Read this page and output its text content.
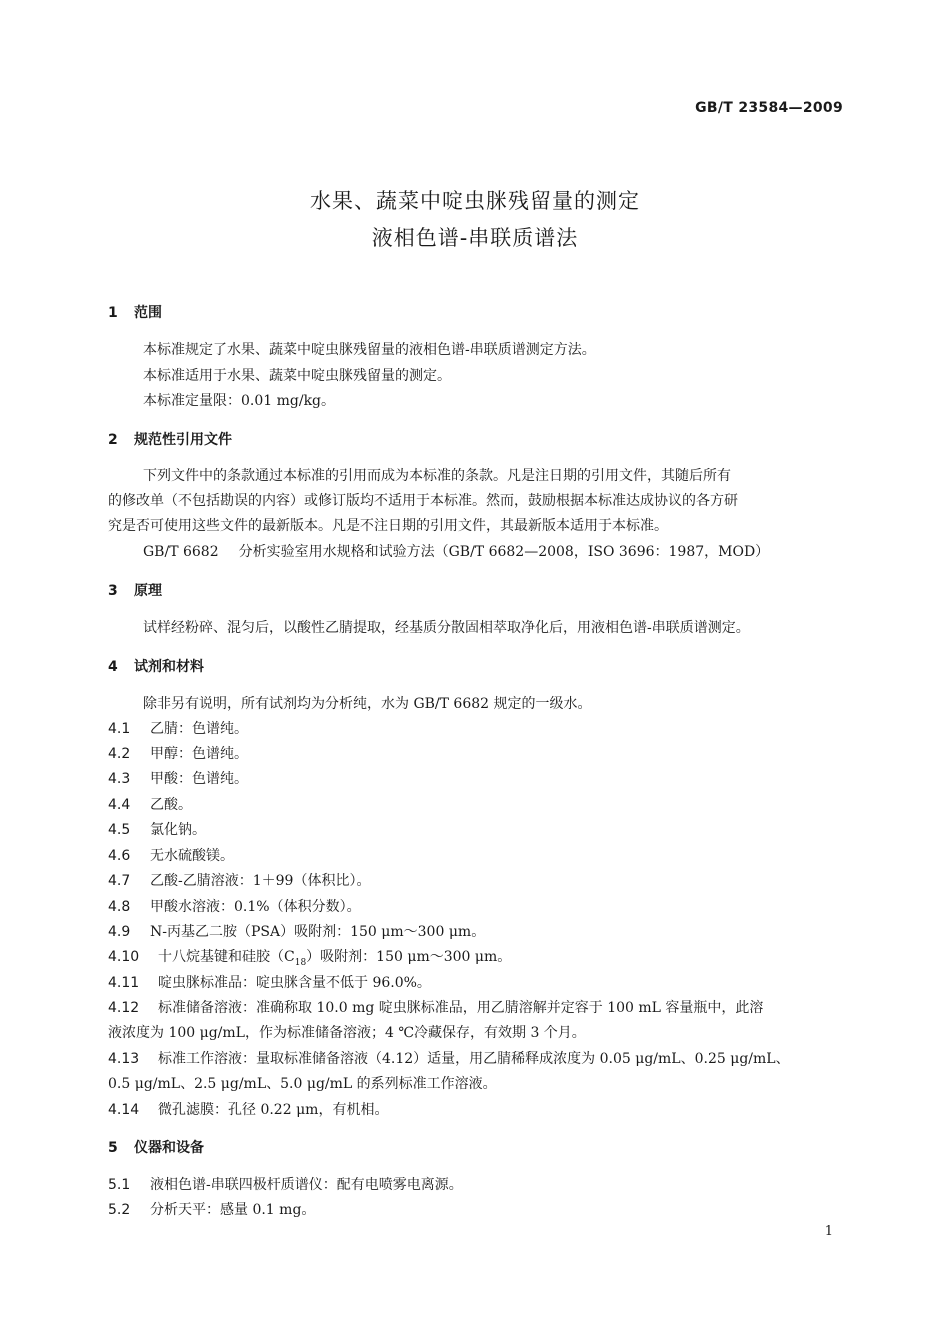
GB/T 23584—2009
水果、蔬菜中啶虫脒残留量的测定
液相色谱-串联质谱法
1 范围
本标准规定了水果、蔬菜中啶虫脒残留量的液相色谱-串联质谱测定方法。
本标准适用于水果、蔬菜中啶虫脒残留量的测定。
本标准定量限：0.01 mg/kg。
2 规范性引用文件
下列文件中的条款通过本标准的引用而成为本标准的条款。凡是注日期的引用文件，其随后所有
的修改单（不包括勘误的内容）或修订版均不适用于本标准。然而，鼓励根据本标准达成协议的各方研
究是否可使用这些文件的最新版本。凡是不注日期的引用文件，其最新版本适用于本标准。
GB/T 6682 分析实验室用水规格和试验方法（GB/T 6682—2008，ISO 3696：1987，MOD）
3 原理
试样经粉碎、混匀后，以酸性乙腈提取，经基质分散固相萃取净化后，用液相色谱-串联质谱测定。
4 试剂和材料
除非另有说明，所有试剂均为分析纯，水为 GB/T 6682 规定的一级水。
4.1 乙腈：色谱纯。
4.2 甲醇：色谱纯。
4.3 甲酸：色谱纯。
4.4 乙酸。
4.5 氯化钠。
4.6 无水硫酸镁。
4.7 乙酸-乙腈溶液：1＋99（体积比）。
4.8 甲酸水溶液：0.1%（体积分数）。
4.9 N-丙基乙二胺（PSA）吸附剂：150 μm～300 μm。
4.10 十八烷基键和硅胶$(C_{18})$吸附剂：150 μm～300 μm。
4.11 啶虫脒标准品：啶虫脒含量不低于 96.0%。
4.12 标准储备溶液：准确称取 10.0 mg 啶虫脒标准品，用乙腈溶解并定容于 100 mL 容量瓶中，此溶
液浓度为 100 μg/mL，作为标准储备溶液；4 ℃冷藏保存，有效期 3 个月。
4.13 标准工作溶液：量取标准储备溶液（4.12）适量，用乙腈稀释成浓度为 0.05 μg/mL、0.25 μg/mL、
0.5 μg/mL、2.5 μg/mL、5.0 μg/mL 的系列标准工作溶液。
4.14 微孔滤膜：孔径 0.22 μm，有机相。
5 仪器和设备
5.1 液相色谱-串联四极杆质谱仪：配有电喷雾电离源。
5.2 分析天平：感量 0.1 mg。
1
